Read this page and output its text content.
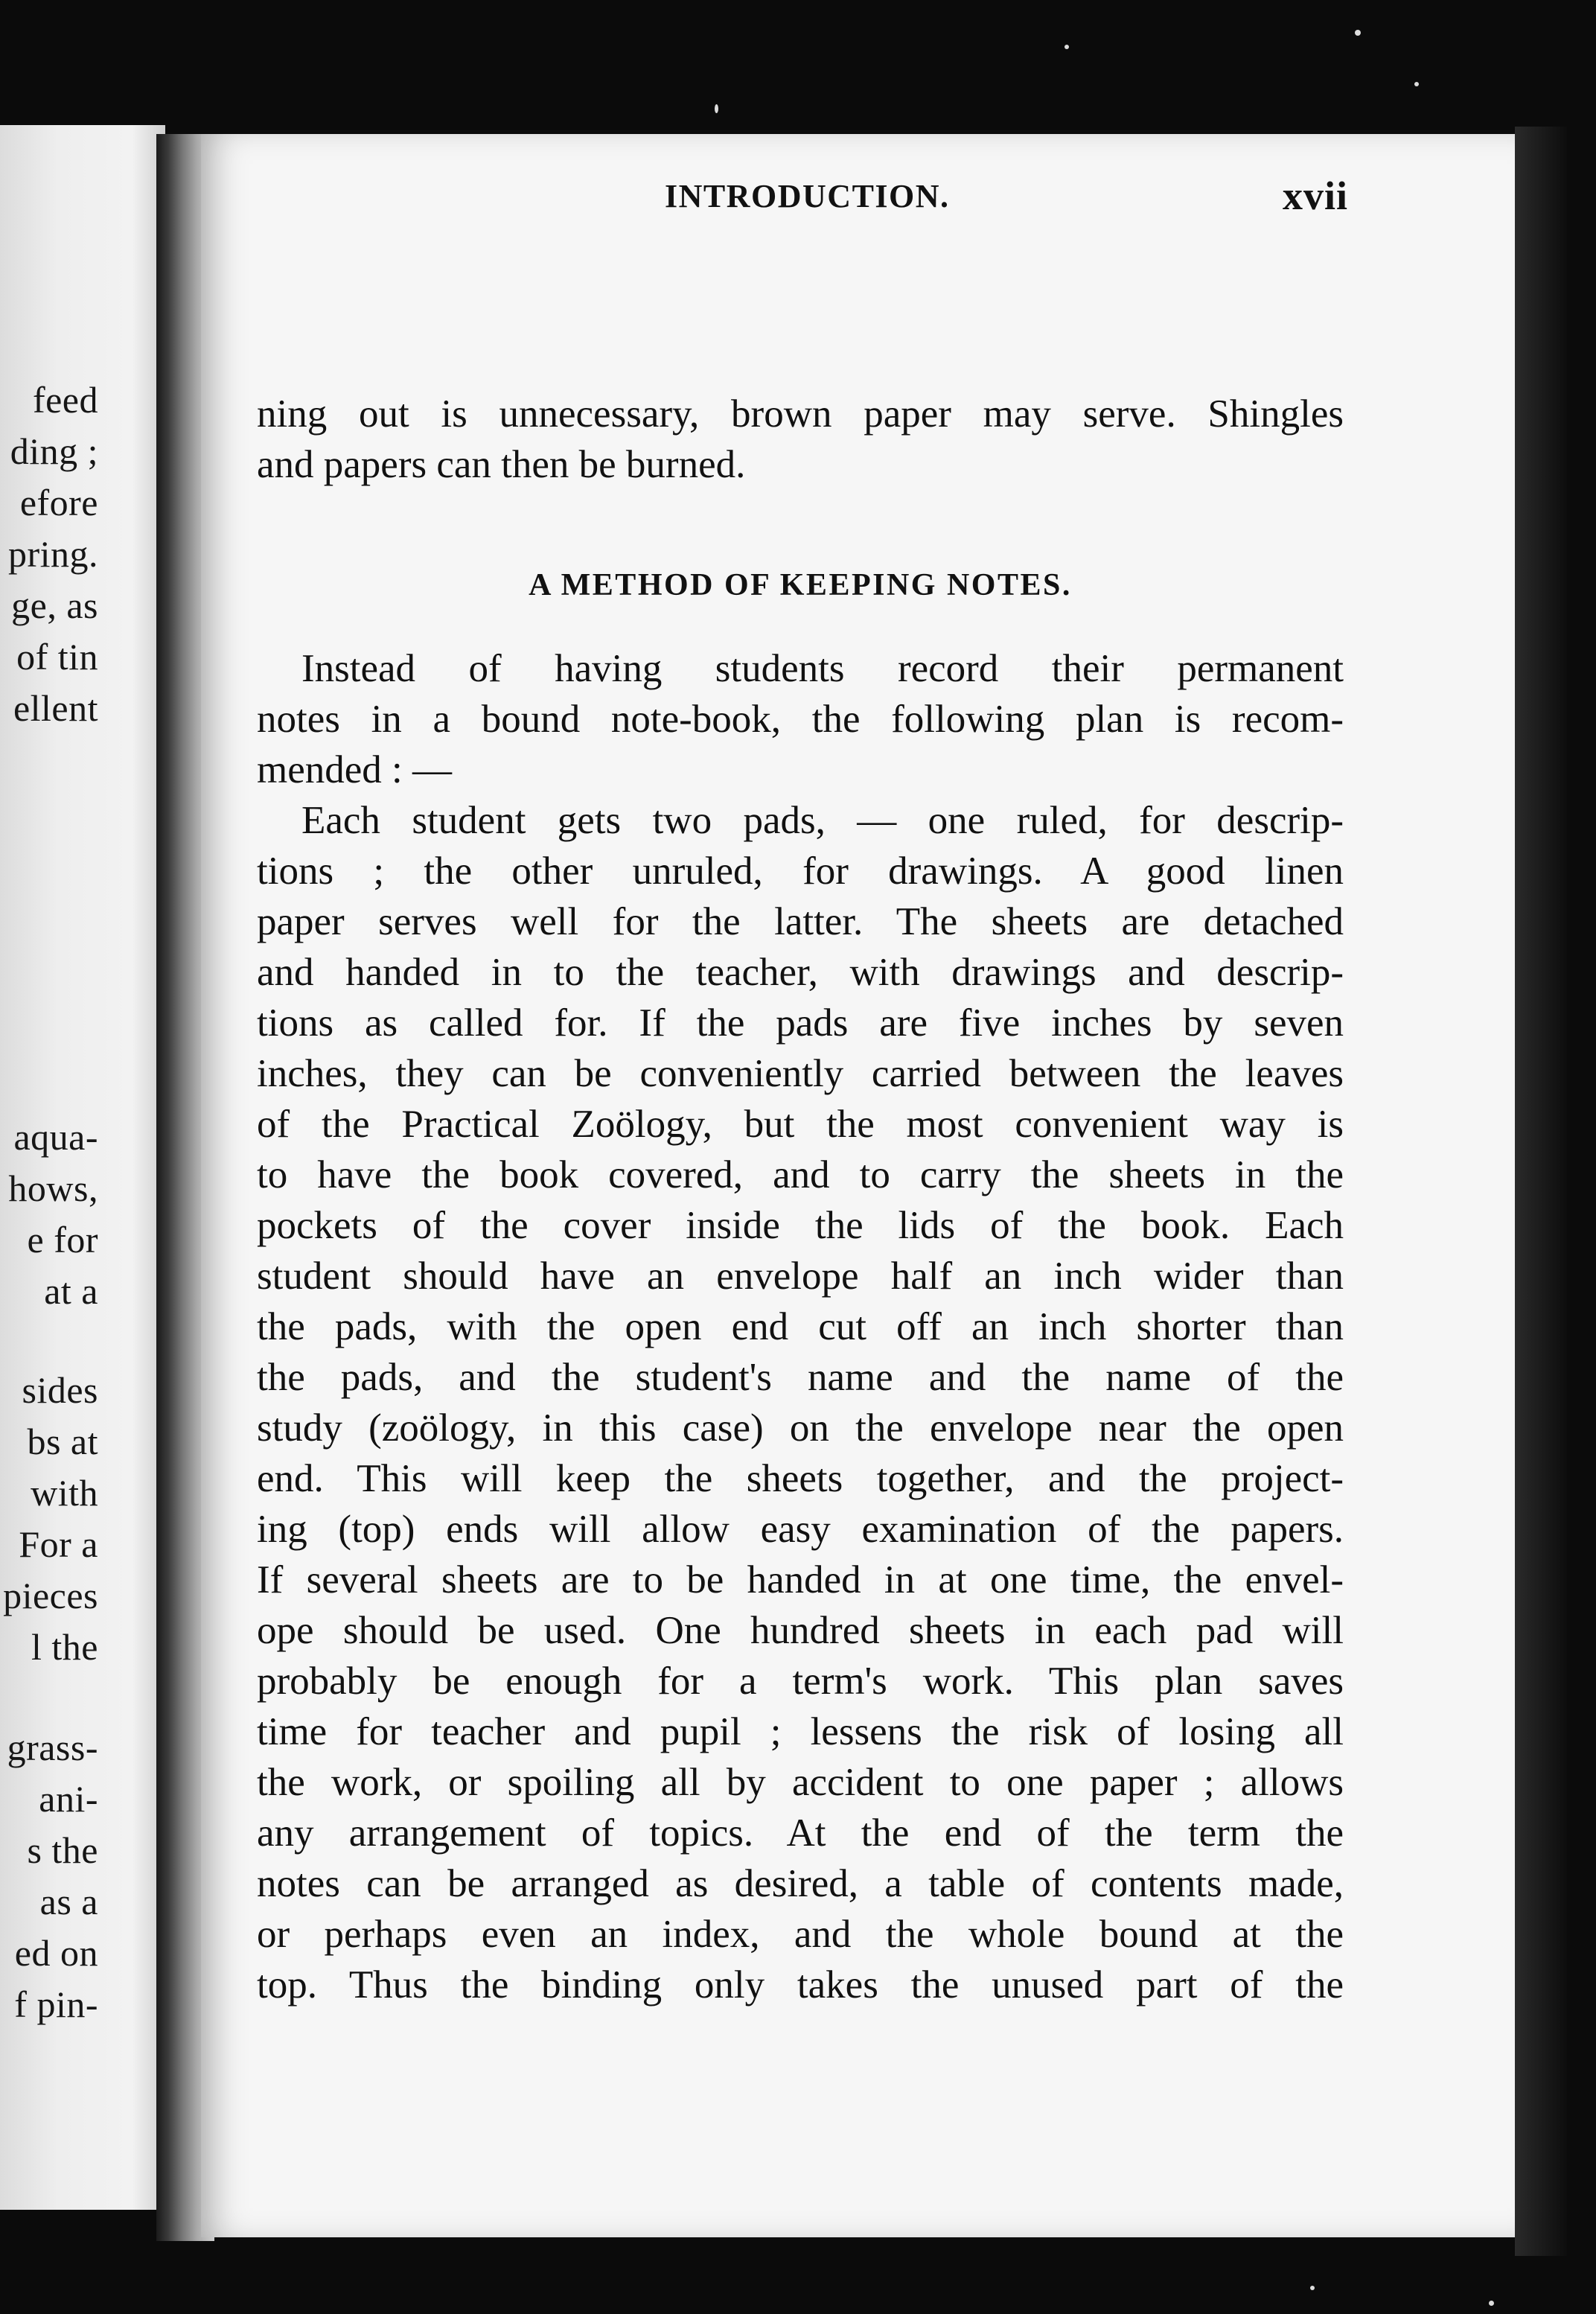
feed
ding ;
efore
pring.
ge, as
of tin
ellent
aqua-
hows,
e for
at a
sides
bs at
with
For a
pieces
l the
grass-
ani-
s the
as a
ed on
f pin-
INTRODUCTION.	xvii
ning out is unnecessary, brown paper may serve. Shingles
and papers can then be burned.
A METHOD OF KEEPING NOTES.
Instead of having students record their permanent
notes in a bound note-book, the following plan is recom-
mended : —
Each student gets two pads, — one ruled, for descrip-
tions ; the other unruled, for drawings. A good linen
paper serves well for the latter. The sheets are detached
and handed in to the teacher, with drawings and descrip-
tions as called for. If the pads are five inches by seven
inches, they can be conveniently carried between the leaves
of the Practical Zoölogy, but the most convenient way is
to have the book covered, and to carry the sheets in the
pockets of the cover inside the lids of the book. Each
student should have an envelope half an inch wider than
the pads, with the open end cut off an inch shorter than
the pads, and the student's name and the name of the
study (zoölogy, in this case) on the envelope near the open
end. This will keep the sheets together, and the project-
ing (top) ends will allow easy examination of the papers.
If several sheets are to be handed in at one time, the envel-
ope should be used. One hundred sheets in each pad will
probably be enough for a term's work. This plan saves
time for teacher and pupil ; lessens the risk of losing all
the work, or spoiling all by accident to one paper ; allows
any arrangement of topics. At the end of the term the
notes can be arranged as desired, a table of contents made,
or perhaps even an index, and the whole bound at the
top. Thus the binding only takes the unused part of the
